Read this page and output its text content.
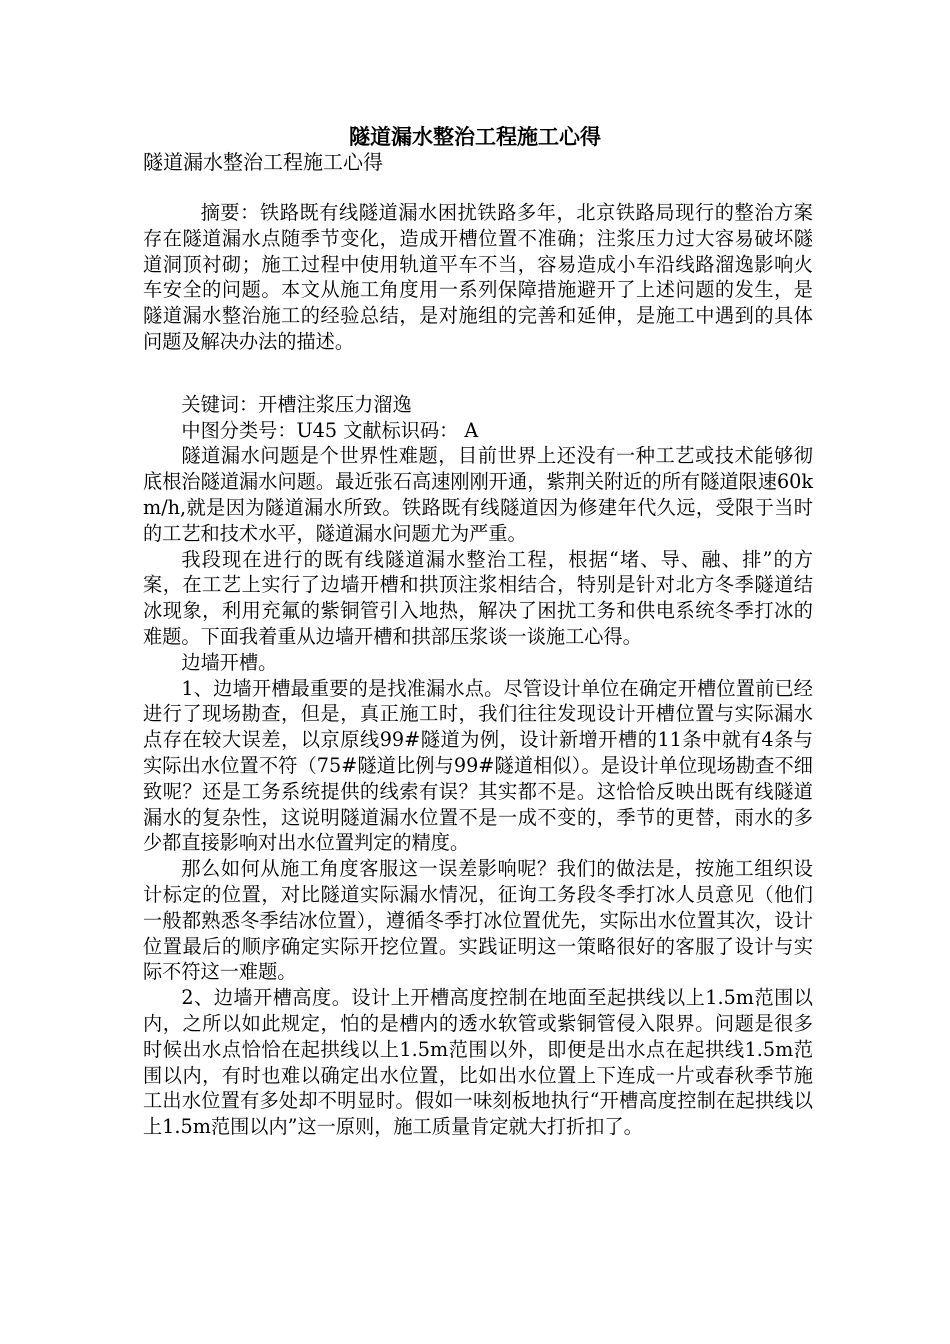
隧道漏水整治工程施工心得
隧道漏水整治工程施工心得

摘要：铁路既有线隧道漏水困扰铁路多年，北京铁路局现行的整治方案存在隧道漏水点随季节变化，造成开槽位置不准确；注浆压力过大容易破坏隧道洞顶衬砌；施工过程中使用轨道平车不当，容易造成小车沿线路溜逸影响火车安全的问题。本文从施工角度用一系列保障措施避开了上述问题的发生，是隧道漏水整治施工的经验总结，是对施组的完善和延伸，是施工中遇到的具体问题及解决办法的描述。

关键词：开槽注浆压力溜逸

中图分类号：U45 文献标识码： A

隧道漏水问题是个世界性难题，目前世界上还没有一种工艺或技术能够彻底根治隧道漏水问题。最近张石高速刚刚开通，紫荆关附近的所有隧道限速60km/h,就是因为隧道漏水所致。铁路既有线隧道因为修建年代久远，受限于当时的工艺和技术水平，隧道漏水问题尤为严重。

我段现在进行的既有线隧道漏水整治工程，根据“堵、导、融、排”的方案，在工艺上实行了边墙开槽和拱顶注浆相结合，特别是针对北方冬季隧道结冰现象，利用充氟的紫铜管引入地热，解决了困扰工务和供电系统冬季打冰的难题。下面我着重从边墙开槽和拱部压浆谈一谈施工心得。

边墙开槽。

1、边墙开槽最重要的是找准漏水点。尽管设计单位在确定开槽位置前已经进行了现场勘查，但是，真正施工时，我们往往发现设计开槽位置与实际漏水点存在较大误差，以京原线99#隧道为例，设计新增开槽的11条中就有4条与实际出水位置不符（75#隧道比例与99#隧道相似）。是设计单位现场勘查不细致呢？还是工务系统提供的线索有误？其实都不是。这恰恰反映出既有线隧道漏水的复杂性，这说明隧道漏水位置不是一成不变的，季节的更替，雨水的多少都直接影响对出水位置判定的精度。

那么如何从施工角度客服这一误差影响呢？我们的做法是，按施工组织设计标定的位置，对比隧道实际漏水情况，征询工务段冬季打冰人员意见（他们一般都熟悉冬季结冰位置），遵循冬季打冰位置优先，实际出水位置其次，设计位置最后的顺序确定实际开挖位置。实践证明这一策略很好的客服了设计与实际不符这一难题。

2、边墙开槽高度。设计上开槽高度控制在地面至起拱线以上1.5m范围以内，之所以如此规定，怕的是槽内的透水软管或紫铜管侵入限界。问题是很多时候出水点恰恰在起拱线以上1.5m范围以外，即便是出水点在起拱线1.5m范围以内，有时也难以确定出水位置，比如出水位置上下连成一片或春秋季节施工出水位置有多处却不明显时。假如一味刻板地执行“开槽高度控制在起拱线以上1.5m范围以内”这一原则，施工质量肯定就大打折扣了。
